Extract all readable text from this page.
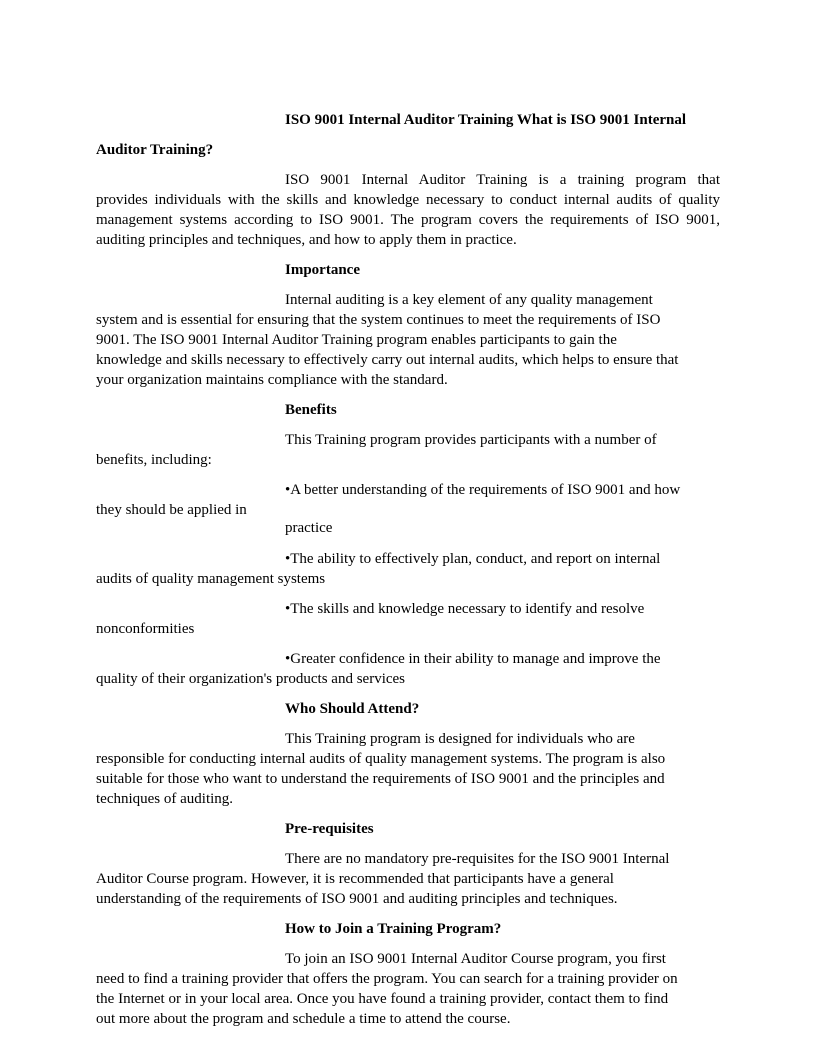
ISO 9001 Internal Auditor Training What is ISO 9001 Internal
Auditor Training?
ISO 9001 Internal Auditor Training is a training program that
provides individuals with the skills and knowledge necessary to conduct internal audits of quality
management systems according to ISO 9001. The program covers the requirements of ISO 9001,
auditing principles and techniques, and how to apply them in practice.
Importance
Internal auditing is a key element of any quality management
system and is essential for ensuring that the system continues to meet the requirements of ISO
9001. The ISO 9001 Internal Auditor Training program enables participants to gain the
knowledge and skills necessary to effectively carry out internal audits, which helps to ensure that
your organization maintains compliance with the standard.
Benefits
This Training program provides participants with a number of
benefits, including:
•A better understanding of the requirements of ISO 9001 and how
they should be applied in
practice
•The ability to effectively plan, conduct, and report on internal
audits of quality management systems
•The skills and knowledge necessary to identify and resolve
nonconformities
•Greater confidence in their ability to manage and improve the
quality of their organization's products and services
Who Should Attend?
This Training program is designed for individuals who are
responsible for conducting internal audits of quality management systems. The program is also
suitable for those who want to understand the requirements of ISO 9001 and the principles and
techniques of auditing.
Pre-requisites
There are no mandatory pre-requisites for the ISO 9001 Internal
Auditor Course program. However, it is recommended that participants have a general
understanding of the requirements of ISO 9001 and auditing principles and techniques.
How to Join a Training Program?
To join an ISO 9001 Internal Auditor Course program, you first
need to find a training provider that offers the program. You can search for a training provider on
the Internet or in your local area. Once you have found a training provider, contact them to find
out more about the program and schedule a time to attend the course.
